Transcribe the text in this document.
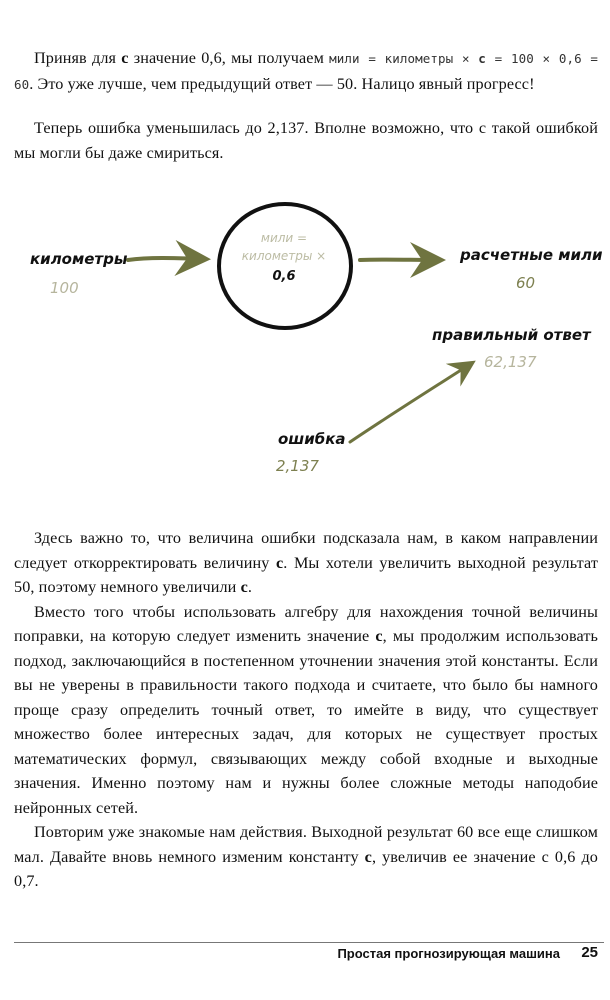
Приняв для c значение 0,6, мы получаем мили = километры × c = 100 × 0,6 = 60. Это уже лучше, чем предыдущий ответ — 50. Налицо явный прогресс!

Теперь ошибка уменьшилась до 2,137. Вполне возможно, что с такой ошибкой мы могли бы даже смириться.

километры
100
мили =
километры ×
0,6
расчетные мили
60
правильный ответ
62,137
ошибка
2,137

Здесь важно то, что величина ошибки подсказала нам, в каком направлении следует откорректировать величину c. Мы хотели увеличить выходной результат 50, поэтому немного увеличили c.

Вместо того чтобы использовать алгебру для нахождения точной величины поправки, на которую следует изменить значение c, мы продолжим использовать подход, заключающийся в постепенном уточнении значения этой константы. Если вы не уверены в правильности такого подхода и считаете, что было бы намного проще сразу определить точный ответ, то имейте в виду, что существует множество более интересных задач, для которых не существует простых математических формул, связывающих между собой входные и выходные значения. Именно поэтому нам и нужны более сложные методы наподобие нейронных сетей.

Повторим уже знакомые нам действия. Выходной результат 60 все еще слишком мал. Давайте вновь немного изменим константу c, увеличив ее значение с 0,6 до 0,7.

Простая прогнозирующая машина 25
